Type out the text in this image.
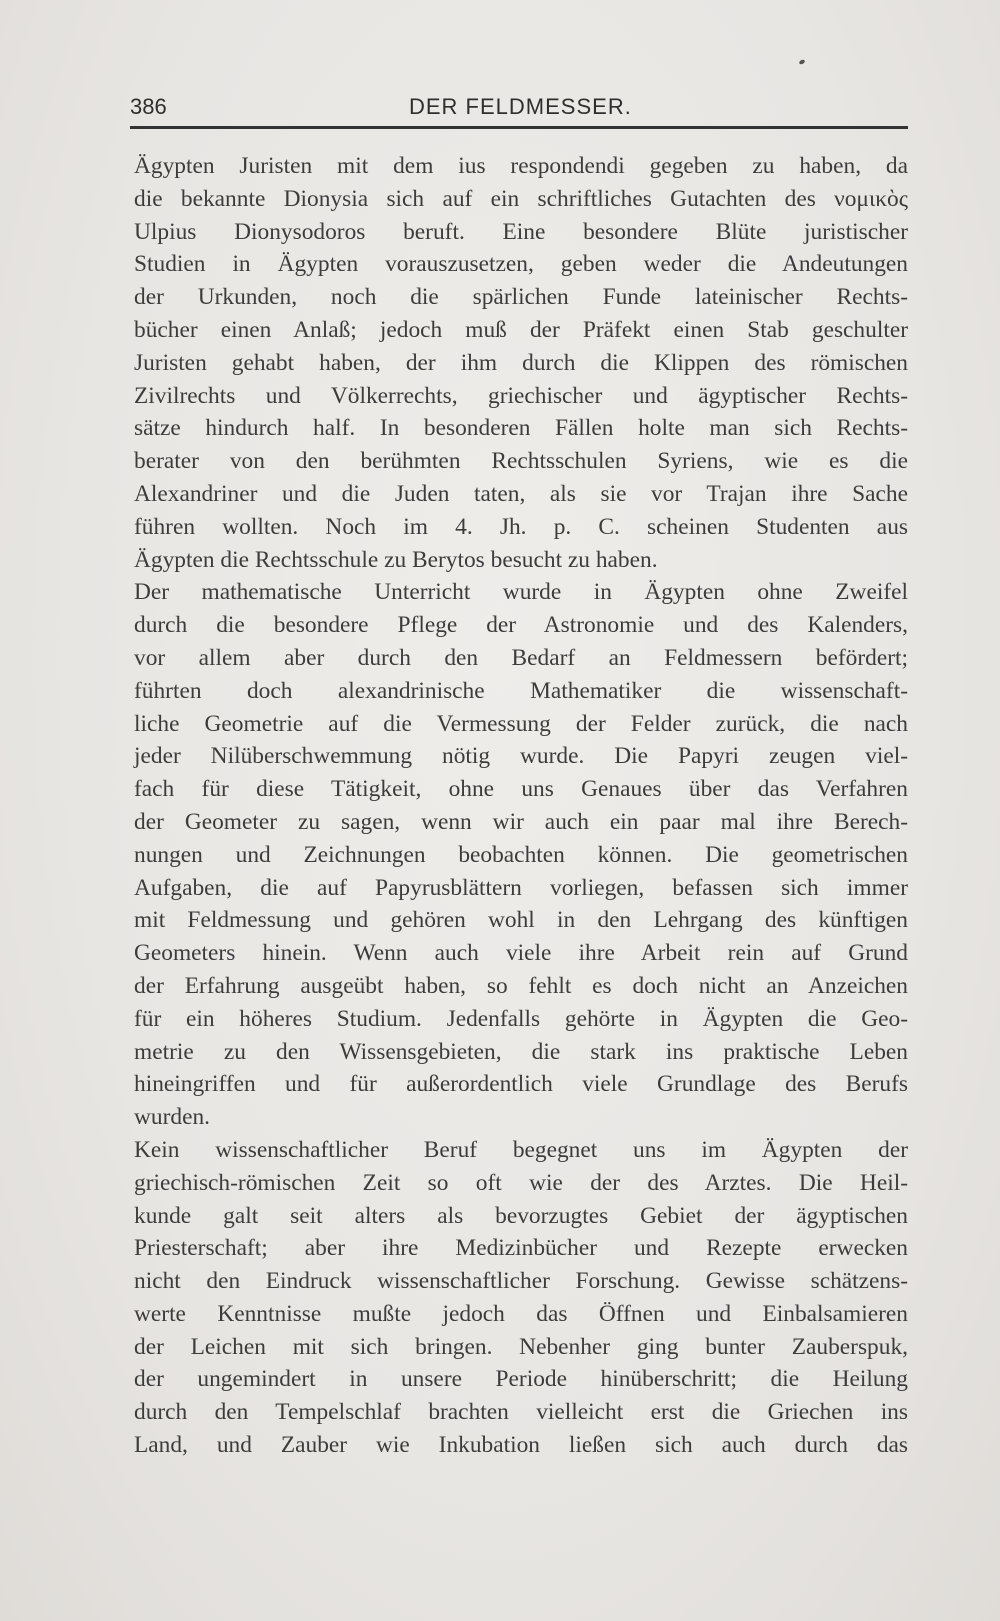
386	DER FELDMESSER.
Ägypten Juristen mit dem ius respondendi gegeben zu haben, da
die bekannte Dionysia sich auf ein schriftliches Gutachten des νομικὸς
Ulpius Dionysodoros beruft. Eine besondere Blüte juristischer
Studien in Ägypten vorauszusetzen, geben weder die Andeutungen
der Urkunden, noch die spärlichen Funde lateinischer Rechts-
bücher einen Anlaß; jedoch muß der Präfekt einen Stab geschulter
Juristen gehabt haben, der ihm durch die Klippen des römischen
Zivilrechts und Völkerrechts, griechischer und ägyptischer Rechts-
sätze hindurch half. In besonderen Fällen holte man sich Rechts-
berater von den berühmten Rechtsschulen Syriens, wie es die
Alexandriner und die Juden taten, als sie vor Trajan ihre Sache
führen wollten. Noch im 4. Jh. p. C. scheinen Studenten aus
Ägypten die Rechtsschule zu Berytos besucht zu haben.
Der mathematische Unterricht wurde in Ägypten ohne Zweifel
durch die besondere Pflege der Astronomie und des Kalenders,
vor allem aber durch den Bedarf an Feldmessern befördert;
führten doch alexandrinische Mathematiker die wissenschaft-
liche Geometrie auf die Vermessung der Felder zurück, die nach
jeder Nilüberschwemmung nötig wurde. Die Papyri zeugen viel-
fach für diese Tätigkeit, ohne uns Genaues über das Verfahren
der Geometer zu sagen, wenn wir auch ein paar mal ihre Berech-
nungen und Zeichnungen beobachten können. Die geometrischen
Aufgaben, die auf Papyrusblättern vorliegen, befassen sich immer
mit Feldmessung und gehören wohl in den Lehrgang des künftigen
Geometers hinein. Wenn auch viele ihre Arbeit rein auf Grund
der Erfahrung ausgeübt haben, so fehlt es doch nicht an Anzeichen
für ein höheres Studium. Jedenfalls gehörte in Ägypten die Geo-
metrie zu den Wissensgebieten, die stark ins praktische Leben
hineingriffen und für außerordentlich viele Grundlage des Berufs
wurden.
Kein wissenschaftlicher Beruf begegnet uns im Ägypten der
griechisch-römischen Zeit so oft wie der des Arztes. Die Heil-
kunde galt seit alters als bevorzugtes Gebiet der ägyptischen
Priesterschaft; aber ihre Medizinbücher und Rezepte erwecken
nicht den Eindruck wissenschaftlicher Forschung. Gewisse schätzens-
werte Kenntnisse mußte jedoch das Öffnen und Einbalsamieren
der Leichen mit sich bringen. Nebenher ging bunter Zauberspuk,
der ungemindert in unsere Periode hinüberschritt; die Heilung
durch den Tempelschlaf brachten vielleicht erst die Griechen ins
Land, und Zauber wie Inkubation ließen sich auch durch das
